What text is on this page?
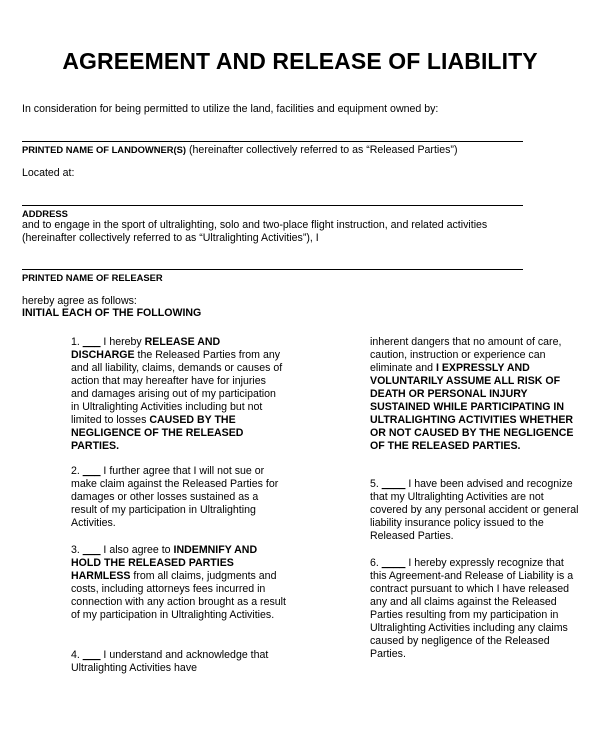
AGREEMENT AND RELEASE OF LIABILITY
In consideration for being permitted to utilize the land, facilities and equipment owned by:
PRINTED NAME OF LANDOWNER(S) (hereinafter collectively referred to as “Released Parties”)
Located at:
ADDRESS
and to engage in the sport of ultralighting, solo and two-place flight instruction, and related activities
(hereinafter collectively referred to as “Ultralighting Activities”), I
PRINTED NAME OF RELEASER
hereby agree as follows:
INITIAL EACH OF THE FOLLOWING

1. ___ I hereby RELEASE AND DISCHARGE the Released Parties from any and all liability, claims, demands or causes of action that may hereafter have for injuries and damages arising out of my participation in Ultralighting Activities including but not limited to losses CAUSED BY THE NEGLIGENCE OF THE RELEASED PARTIES.

2. ___ I further agree that I will not sue or make claim against the Released Parties for damages or other losses sustained as a result of my participation in Ultralighting Activities.

3. ___ I also agree to INDEMNIFY AND HOLD THE RELEASED PARTIES HARMLESS from all claims, judgments and costs, including attorneys fees incurred in connection with any action brought as a result of my participation in Ultralighting Activities.

4. ___ I understand and acknowledge that Ultralighting Activities have

inherent dangers that no amount of care, caution, instruction or experience can eliminate and I EXPRESSLY AND VOLUNTARILY ASSUME ALL RISK OF DEATH OR PERSONAL INJURY SUSTAINED WHILE PARTICIPATING IN ULTRALIGHTING ACTIVITIES WHETHER OR NOT CAUSED BY THE NEGLIGENCE OF THE RELEASED PARTIES.

5. ____ I have been advised and recognize that my Ultralighting Activities are not covered by any personal accident or general liability insurance policy issued to the Released Parties.

6. ____ I hereby expressly recognize that this Agreement-and Release of Liability is a contract pursuant to which I have released any and all claims against the Released Parties resulting from my participation in Ultralighting Activities including any claims caused by negligence of the Released Parties.
